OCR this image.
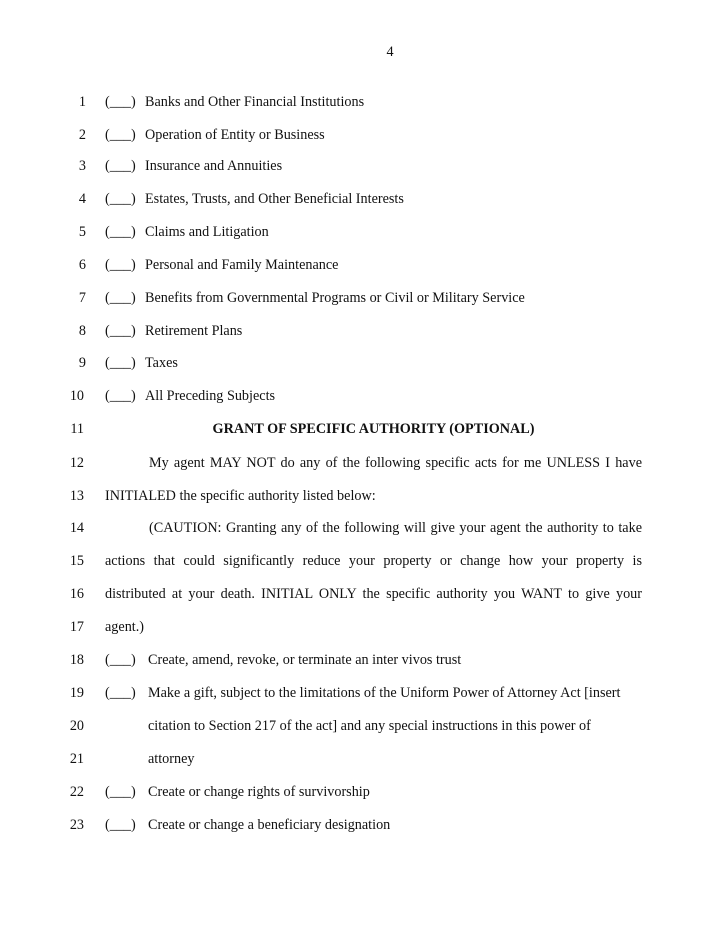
4
1 (___) Banks and Other Financial Institutions
2 (___) Operation of Entity or Business
3 (___) Insurance and Annuities
4 (___) Estates, Trusts, and Other Beneficial Interests
5 (___) Claims and Litigation
6 (___) Personal and Family Maintenance
7 (___) Benefits from Governmental Programs or Civil or Military Service
8 (___) Retirement Plans
9 (___) Taxes
10 (___) All Preceding Subjects
11	GRANT OF SPECIFIC AUTHORITY (OPTIONAL)
12	My agent MAY NOT do any of the following specific acts for me UNLESS I have
13 INITIALED the specific authority listed below:
14	(CAUTION: Granting any of the following will give your agent the authority to take
15 actions that could significantly reduce your property or change how your property is
16 distributed at your death. INITIAL ONLY the specific authority you WANT to give your
17 agent.)
18 (___) Create, amend, revoke, or terminate an inter vivos trust
19 (___) Make a gift, subject to the limitations of the Uniform Power of Attorney Act [insert
20	citation to Section 217 of the act] and any special instructions in this power of
21	attorney
22 (___) Create or change rights of survivorship
23 (___) Create or change a beneficiary designation
